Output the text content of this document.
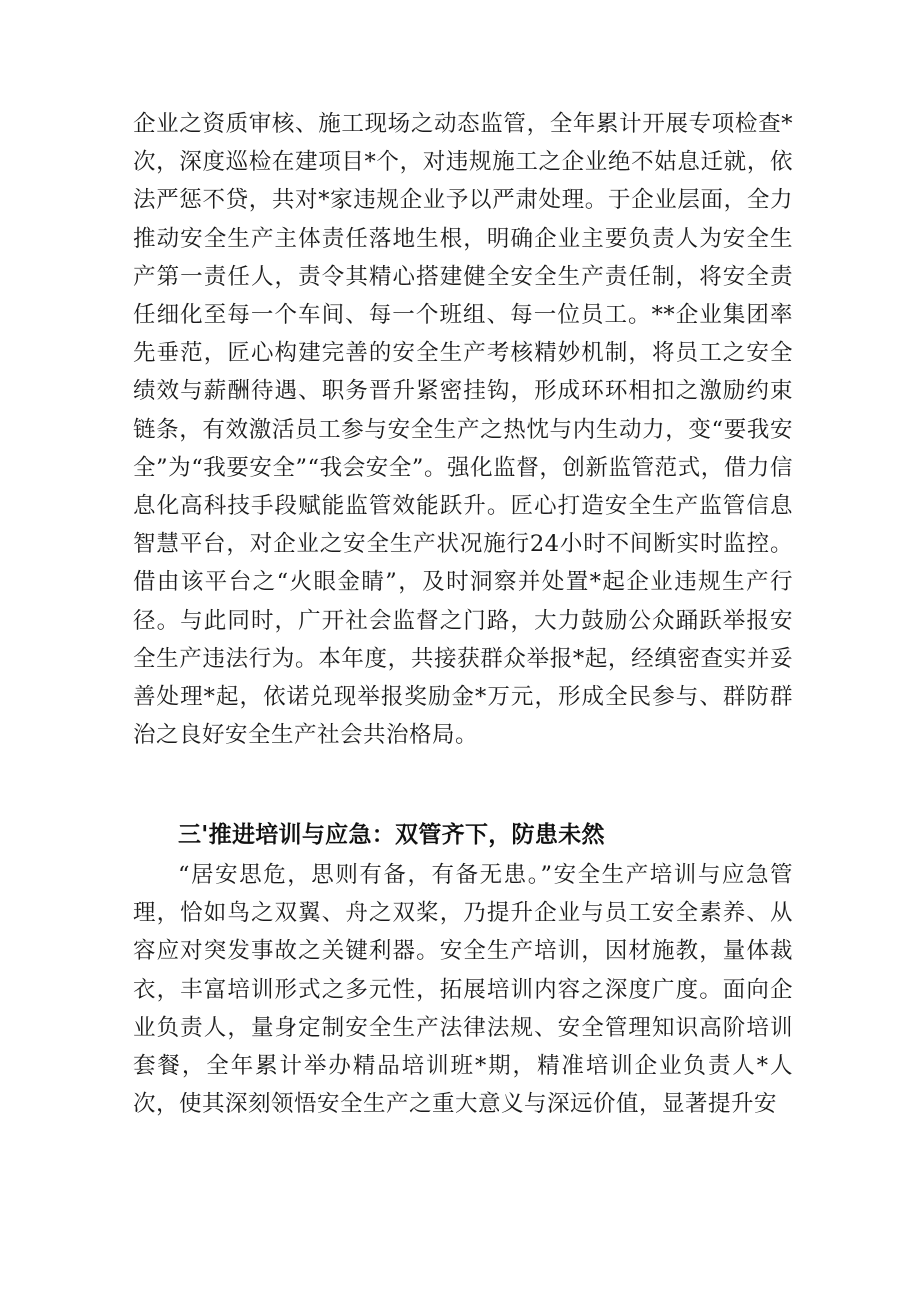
企业之资质审核、施工现场之动态监管，全年累计开展专项检查*次，深度巡检在建项目*个，对违规施工之企业绝不姑息迁就，依法严惩不贷，共对*家违规企业予以严肃处理。于企业层面，全力推动安全生产主体责任落地生根，明确企业主要负责人为安全生产第一责任人，责令其精心搭建健全安全生产责任制，将安全责任细化至每一个车间、每一个班组、每一位员工。**企业集团率先垂范，匠心构建完善的安全生产考核精妙机制，将员工之安全绩效与薪酬待遇、职务晋升紧密挂钩，形成环环相扣之激励约束链条，有效激活员工参与安全生产之热忱与内生动力，变“要我安全”为“我要安全”“我会安全”。强化监督，创新监管范式，借力信息化高科技手段赋能监管效能跃升。匠心打造安全生产监管信息智慧平台，对企业之安全生产状况施行24小时不间断实时监控。借由该平台之“火眼金睛”，及时洞察并处置*起企业违规生产行径。与此同时，广开社会监督之门路，大力鼓励公众踊跃举报安全生产违法行为。本年度，共接获群众举报*起，经缜密查实并妥善处理*起，依诺兑现举报奖励金*万元，形成全民参与、群防群治之良好安全生产社会共治格局。

三'推进培训与应急：双管齐下，防患未然

“居安思危，思则有备，有备无患。”安全生产培训与应急管理，恰如鸟之双翼、舟之双桨，乃提升企业与员工安全素养、从容应对突发事故之关键利器。安全生产培训，因材施教，量体裁衣，丰富培训形式之多元性，拓展培训内容之深度广度。面向企业负责人，量身定制安全生产法律法规、安全管理知识高阶培训套餐，全年累计举办精品培训班*期，精准培训企业负责人*人次，使其深刻领悟安全生产之重大意义与深远价值，显著提升安
